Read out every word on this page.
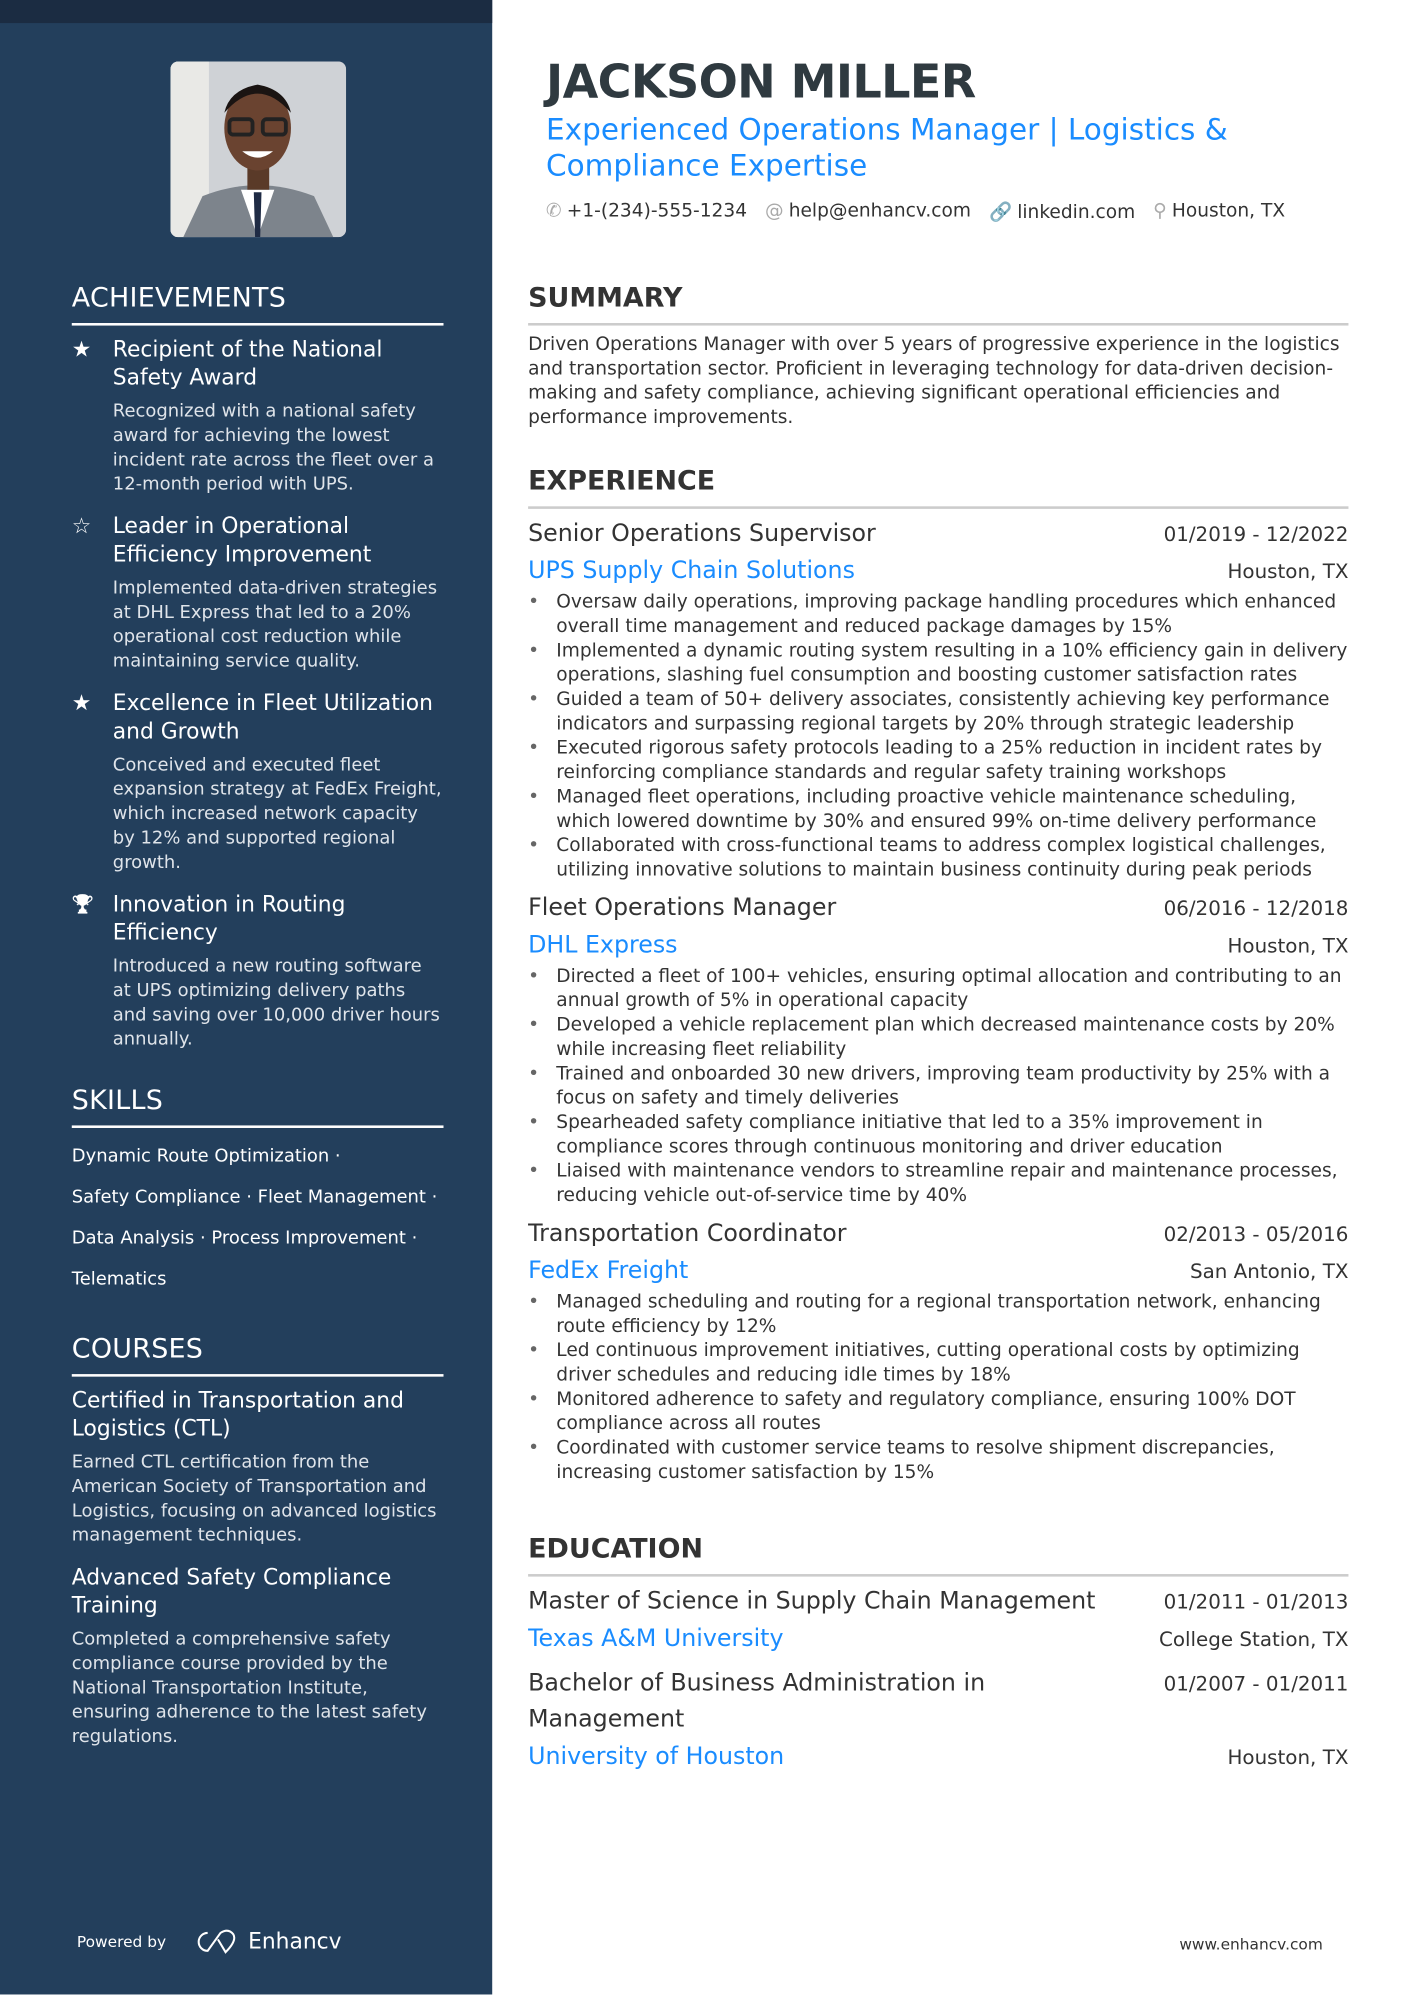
ACHIEVEMENTS
★	Recipient of the National Safety Award
Recognized with a national safety award for achieving the lowest incident rate across the fleet over a 12-month period with UPS.
☆	Leader in Operational Efficiency Improvement
Implemented data-driven strategies at DHL Express that led to a 20% operational cost reduction while maintaining service quality.
★	Excellence in Fleet Utilization and Growth
Conceived and executed fleet expansion strategy at FedEx Freight, which increased network capacity by 12% and supported regional growth.
🏆	Innovation in Routing Efficiency
Introduced a new routing software at UPS optimizing delivery paths and saving over 10,000 driver hours annually.
SKILLS
Dynamic Route Optimization ·
Safety Compliance · Fleet Management ·
Data Analysis · Process Improvement ·
Telematics
COURSES
Certified in Transportation and Logistics (CTL)
Earned CTL certification from the American Society of Transportation and Logistics, focusing on advanced logistics management techniques.
Advanced Safety Compliance Training
Completed a comprehensive safety compliance course provided by the National Transportation Institute, ensuring adherence to the latest safety regulations.
Powered by	Enhancv
JACKSON MILLER
Experienced Operations Manager | Logistics & Compliance Expertise
✆ +1-(234)-555-1234 @ help@enhancv.com 🔗 linkedin.com ⚲ Houston, TX
SUMMARY

Driven Operations Manager with over 5 years of progressive experience in the logistics and transportation sector. Proficient in leveraging technology for data-driven decision-making and safety compliance, achieving significant operational efficiencies and performance improvements.

EXPERIENCE
Senior Operations Supervisor	01/2019 - 12/2022
UPS Supply Chain Solutions	Houston, TX
• Oversaw daily operations, improving package handling procedures which enhanced overall time management and reduced package damages by 15%
• Implemented a dynamic routing system resulting in a 10% efficiency gain in delivery operations, slashing fuel consumption and boosting customer satisfaction rates
• Guided a team of 50+ delivery associates, consistently achieving key performance indicators and surpassing regional targets by 20% through strategic leadership
• Executed rigorous safety protocols leading to a 25% reduction in incident rates by reinforcing compliance standards and regular safety training workshops
• Managed fleet operations, including proactive vehicle maintenance scheduling, which lowered downtime by 30% and ensured 99% on-time delivery performance
• Collaborated with cross-functional teams to address complex logistical challenges, utilizing innovative solutions to maintain business continuity during peak periods
Fleet Operations Manager	06/2016 - 12/2018
DHL Express	Houston, TX
• Directed a fleet of 100+ vehicles, ensuring optimal allocation and contributing to an annual growth of 5% in operational capacity
• Developed a vehicle replacement plan which decreased maintenance costs by 20% while increasing fleet reliability
• Trained and onboarded 30 new drivers, improving team productivity by 25% with a focus on safety and timely deliveries
• Spearheaded safety compliance initiative that led to a 35% improvement in compliance scores through continuous monitoring and driver education
• Liaised with maintenance vendors to streamline repair and maintenance processes, reducing vehicle out-of-service time by 40%
Transportation Coordinator	02/2013 - 05/2016
FedEx Freight	San Antonio, TX
• Managed scheduling and routing for a regional transportation network, enhancing route efficiency by 12%
• Led continuous improvement initiatives, cutting operational costs by optimizing driver schedules and reducing idle times by 18%
• Monitored adherence to safety and regulatory compliance, ensuring 100% DOT compliance across all routes
• Coordinated with customer service teams to resolve shipment discrepancies, increasing customer satisfaction by 15%
EDUCATION
Master of Science in Supply Chain Management	01/2011 - 01/2013
Texas A&M University	College Station, TX
Bachelor of Business Administration in Management
01/2007 - 01/2011
University of Houston	Houston, TX
www.enhancv.com
